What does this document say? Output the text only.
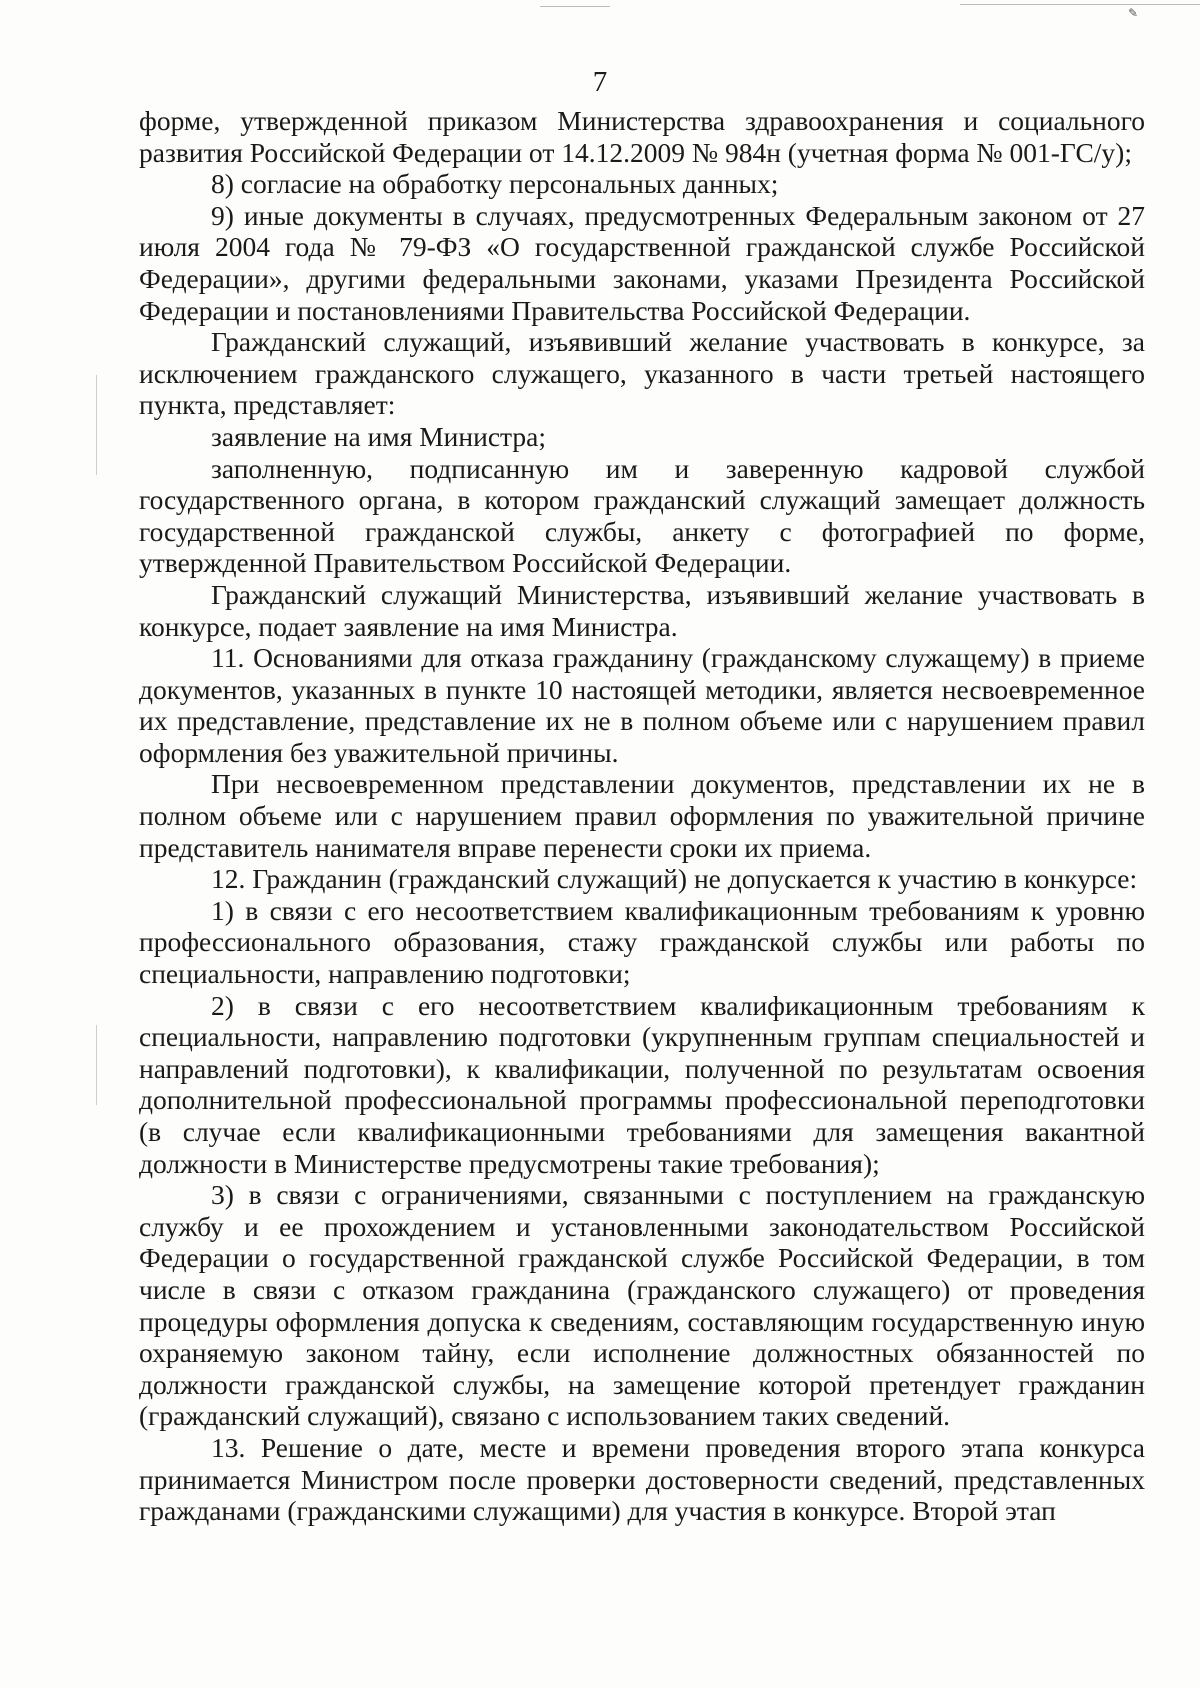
✎
7

форме, утвержденной приказом Министерства здравоохранения и социального развития Российской Федерации от 14.12.2009 № 984н (учетная форма № 001-ГС/у);

8) согласие на обработку персональных данных;

9) иные документы в случаях, предусмотренных Федеральным законом от 27 июля 2004 года № 79-ФЗ «О государственной гражданской службе Российской Федерации», другими федеральными законами, указами Президента Российской Федерации и постановлениями Правительства Российской Федерации.

Гражданский служащий, изъявивший желание участвовать в конкурсе, за исключением гражданского служащего, указанного в части третьей настоящего пункта, представляет:

заявление на имя Министра;

заполненную, подписанную им и заверенную кадровой службой государственного органа, в котором гражданский служащий замещает должность государственной гражданской службы, анкету с фотографией по форме, утвержденной Правительством Российской Федерации.

Гражданский служащий Министерства, изъявивший желание участвовать в конкурсе, подает заявление на имя Министра.

11. Основаниями для отказа гражданину (гражданскому служащему) в приеме документов, указанных в пункте 10 настоящей методики, является несвоевременное их представление, представление их не в полном объеме или с нарушением правил оформления без уважительной причины.

При несвоевременном представлении документов, представлении их не в полном объеме или с нарушением правил оформления по уважительной причине представитель нанимателя вправе перенести сроки их приема.

12. Гражданин (гражданский служащий) не допускается к участию в конкурсе:

1) в связи с его несоответствием квалификационным требованиям к уровню профессионального образования, стажу гражданской службы или работы по специальности, направлению подготовки;

2) в связи с его несоответствием квалификационным требованиям к специальности, направлению подготовки (укрупненным группам специальностей и направлений подготовки), к квалификации, полученной по результатам освоения дополнительной профессиональной программы профессиональной переподготовки (в случае если квалификационными требованиями для замещения вакантной должности в Министерстве предусмотрены такие требования);

3) в связи с ограничениями, связанными с поступлением на гражданскую службу и ее прохождением и установленными законодательством Российской Федерации о государственной гражданской службе Российской Федерации, в том числе в связи с отказом гражданина (гражданского служащего) от проведения процедуры оформления допуска к сведениям, составляющим государственную иную охраняемую законом тайну, если исполнение должностных обязанностей по должности гражданской службы, на замещение которой претендует гражданин (гражданский служащий), связано с использованием таких сведений.

13. Решение о дате, месте и времени проведения второго этапа конкурса принимается Министром после проверки достоверности сведений, представленных гражданами (гражданскими служащими) для участия в конкурсе. Второй этап
